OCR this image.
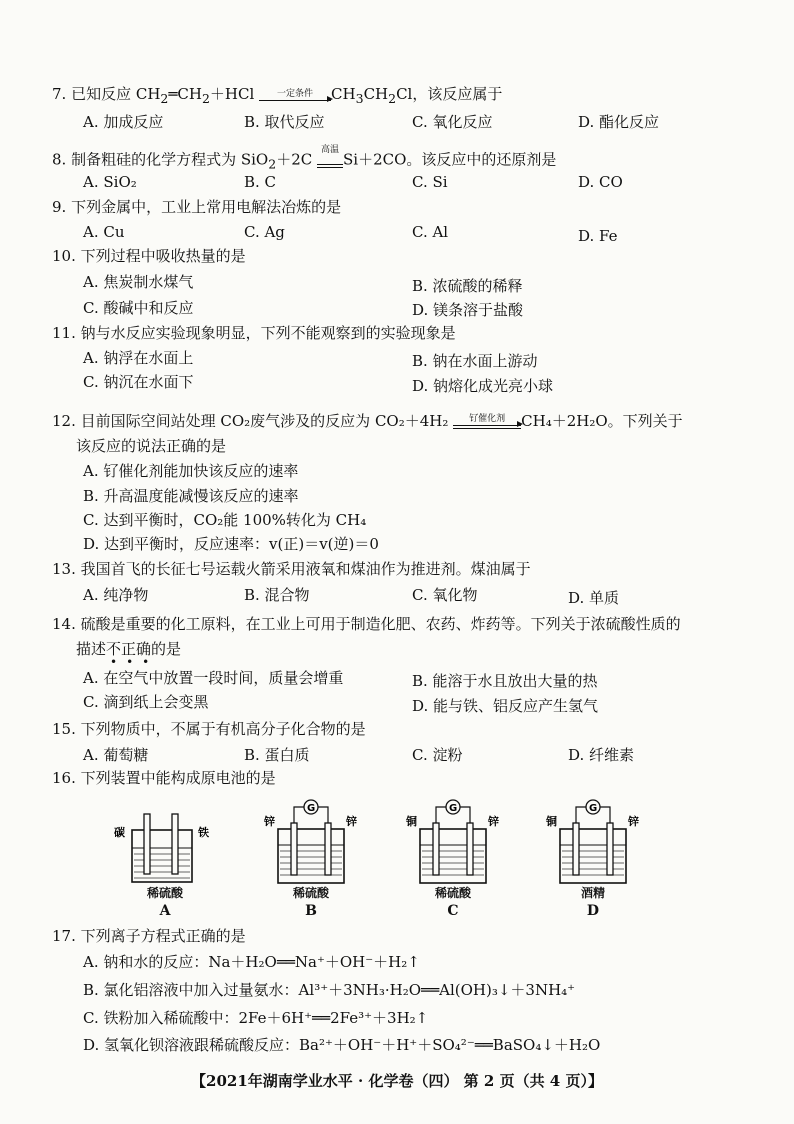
7. 已知反应 $CH_2═CH_2+HCl$	一定条件	$CH_3CH_2Cl$，该反应属于
A. 加成反应	B. 取代反应	C. 氧化反应	D. 酯化反应
8. 制备粗硅的化学方程式为 SiO$_2$＋2C
高温
Si＋2CO。该反应中的还原剂是
A. SiO₂	B. C	C. Si	D. CO
9. 下列金属中，工业上常用电解法冶炼的是
A. Cu	C. Ag	C. Al	D. Fe
10. 下列过程中吸收热量的是
A. 焦炭制水煤气	B. 浓硫酸的稀释
C. 酸碱中和反应	D. 镁条溶于盐酸
11. 钠与水反应实验现象明显，下列不能观察到的实验现象是
A. 钠浮在水面上	B. 钠在水面上游动
C. 钠沉在水面下	D. 钠熔化成光亮小球
12. 目前国际空间站处理 CO₂废气涉及的反应为 CO₂＋4H₂	钌催化剂	CH₄＋2H₂O。下列关于
该反应的说法正确的是
A. 钌催化剂能加快该反应的速率
B. 升高温度能减慢该反应的速率
C. 达到平衡时，CO₂能 100%转化为 CH₄
D. 达到平衡时，反应速率：v(正)＝v(逆)＝0
13. 我国首飞的长征七号运载火箭采用液氧和煤油作为推进剂。煤油属于
A. 纯净物	B. 混合物	C. 氧化物	D. 单质
14. 硫酸是重要的化工原料，在工业上可用于制造化肥、农药、炸药等。下列关于浓硫酸性质的
描述不正确的是
•••
A. 在空气中放置一段时间，质量会增重	B. 能溶于水且放出大量的热
C. 滴到纸上会变黑	D. 能与铁、铝反应产生氢气
15. 下列物质中，不属于有机高分子化合物的是
A. 葡萄糖	B. 蛋白质	C. 淀粉	D. 纤维素
16. 下列装置中能构成原电池的是
碳	铁
稀硫酸
A
G
锌	锌
稀硫酸
B
G
铜	锌
稀硫酸
C
G
铜	锌
酒精
D
17. 下列离子方程式正确的是
A. 钠和水的反应：Na＋H₂O══Na⁺＋OH⁻＋H₂↑
B. 氯化铝溶液中加入过量氨水：Al³⁺＋3NH₃·H₂O══Al(OH)₃↓＋3NH₄⁺
C. 铁粉加入稀硫酸中：2Fe＋6H⁺══2Fe³⁺＋3H₂↑
D. 氢氧化钡溶液跟稀硫酸反应：Ba²⁺＋OH⁻＋H⁺＋SO₄²⁻══BaSO₄↓＋H₂O
【2021年湖南学业水平 · 化学卷（四） 第 2 页（共 4 页）】
